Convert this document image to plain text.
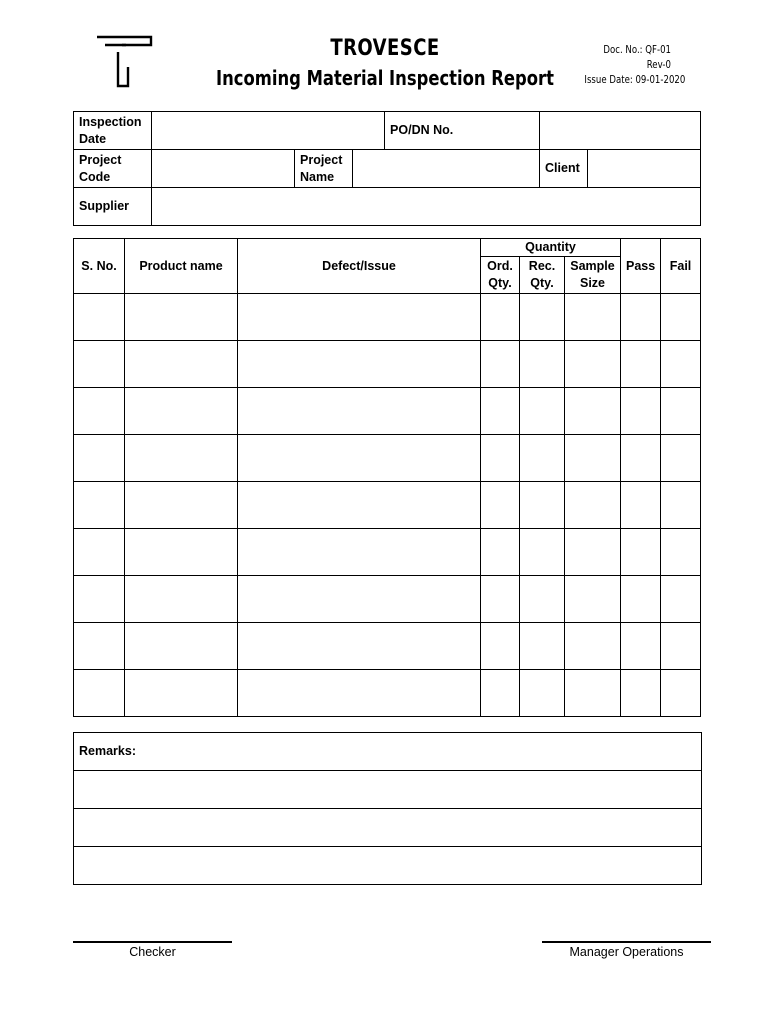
TROVESCE
Incoming Material Inspection Report
Doc. No.: QF-01
Rev-0
Issue Date: 09-01-2020
Inspection Date				PO/DN No.		
Project Code		Project Name			Client	
Supplier						
S. No.	Product name	Defect/Issue	Quantity			Pass	Fail
			Ord. Qty.	Rec. Qty.	Sample Size		

Remarks:

Checker	Manager Operations
